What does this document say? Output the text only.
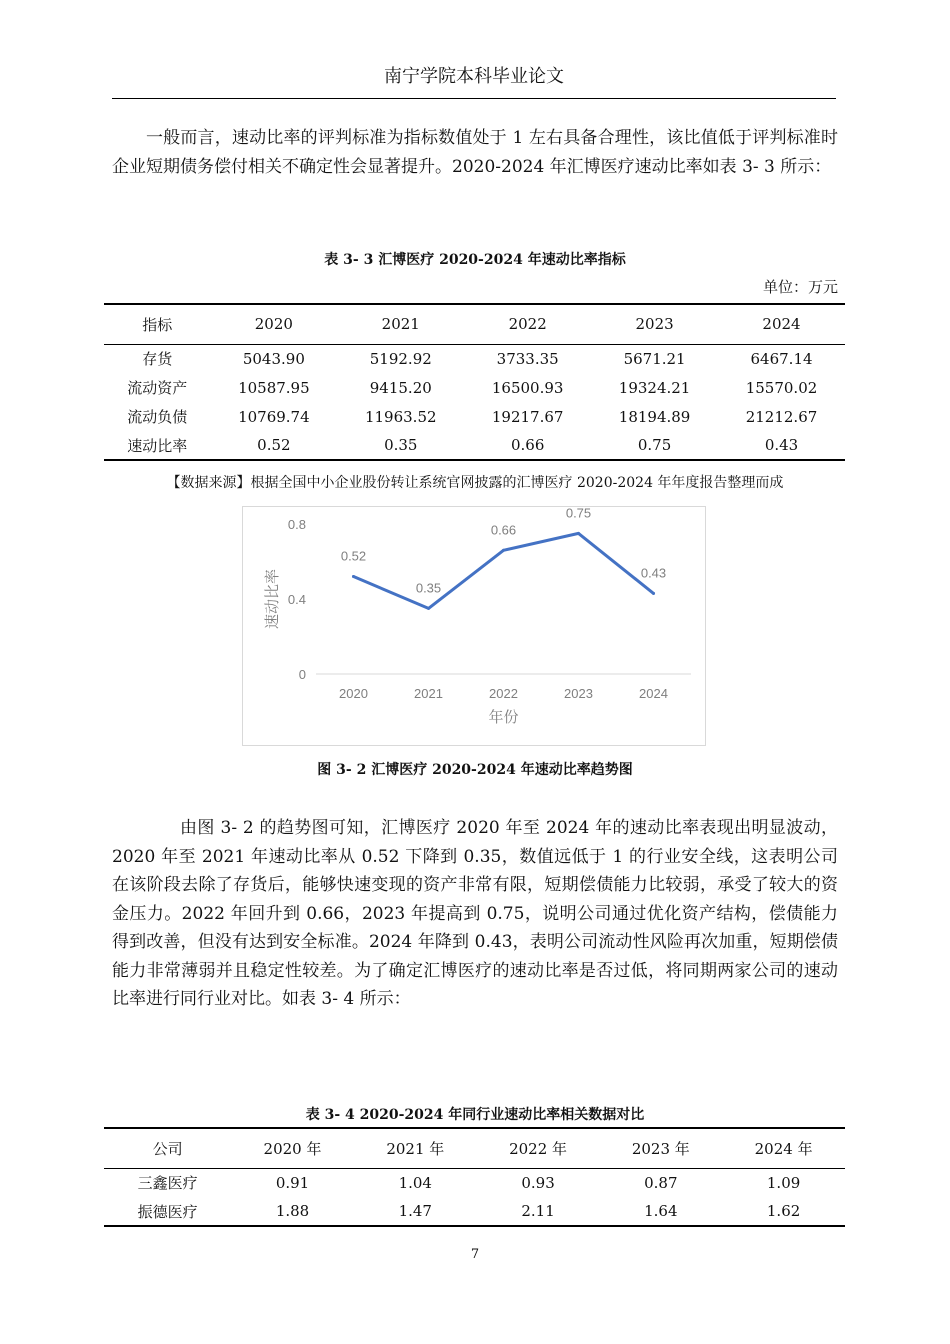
南宁学院本科毕业论文

一般而言，速动比率的评判标准为指标数值处于 1 左右具备合理性，该比值低于评判标准时企业短期债务偿付相关不确定性会显著提升。2020-2024 年汇博医疗速动比率如表 3- 3 所示：

表 3- 3 汇博医疗 2020-2024 年速动比率指标
单位：万元
指标	2020	2021	2022	2023	2024
存货	5043.90	5192.92	3733.35	5671.21	6467.14
流动资产	10587.95	9415.20	16500.93	19324.21	15570.02
流动负债	10769.74	11963.52	19217.67	18194.89	21212.67
速动比率	0.52	0.35	0.66	0.75	0.43
【数据来源】根据全国中小企业股份转让系统官网披露的汇博医疗 2020-2024 年年度报告整理而成
0
0.4
0.8
2020	2021	2022	2023	2024
0.52
0.35
0.66
0.75
0.43
年份
速动比率
图 3- 2 汇博医疗 2020-2024 年速动比率趋势图

由图 3- 2 的趋势图可知，汇博医疗 2020 年至 2024 年的速动比率表现出明显波动，2020 年至 2021 年速动比率从 0.52 下降到 0.35，数值远低于 1 的行业安全线，这表明公司在该阶段去除了存货后，能够快速变现的资产非常有限，短期偿债能力比较弱，承受了较大的资金压力。2022 年回升到 0.66，2023 年提高到 0.75，说明公司通过优化资产结构，偿债能力得到改善，但没有达到安全标准。2024 年降到 0.43，表明公司流动性风险再次加重，短期偿债能力非常薄弱并且稳定性较差。为了确定汇博医疗的速动比率是否过低，将同期两家公司的速动比率进行同行业对比。如表 3- 4 所示：

表 3- 4 2020-2024 年同行业速动比率相关数据对比
公司	2020 年	2021 年	2022 年	2023 年	2024 年
三鑫医疗	0.91	1.04	0.93	0.87	1.09
振德医疗	1.88	1.47	2.11	1.64	1.62
7
